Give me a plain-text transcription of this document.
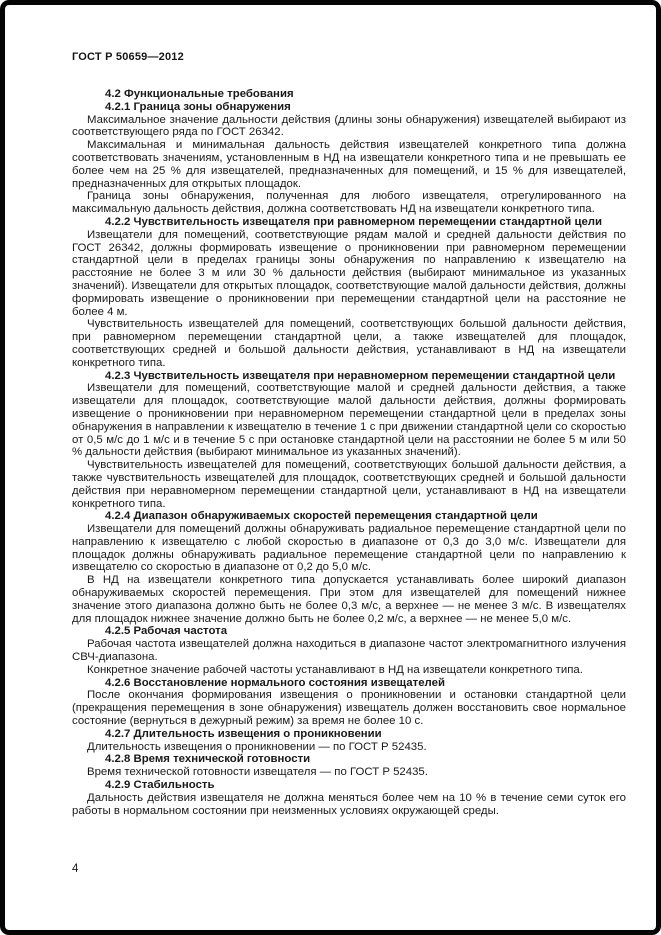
ГОСТ Р 50659—2012

4.2 Функциональные требования

4.2.1 Граница зоны обнаружения

Максимальное значение дальности действия (длины зоны обнаружения) извещателей выбирают из соответствующего ряда по ГОСТ 26342.

Максимальная и минимальная дальность действия извещателей конкретного типа должна соответствовать значениям, установленным в НД на извещатели конкретного типа и не превышать ее более чем на 25 % для извещателей, предназначенных для помещений, и 15 % для извещателей, предназначенных для открытых площадок.

Граница зоны обнаружения, полученная для любого извещателя, отрегулированного на максимальную дальность действия, должна соответствовать НД на извещатели конкретного типа.

4.2.2 Чувствительность извещателя при равномерном перемещении стандартной цели

Извещатели для помещений, соответствующие рядам малой и средней дальности действия по ГОСТ 26342, должны формировать извещение о проникновении при равномерном перемещении стандартной цели в пределах границы зоны обнаружения по направлению к извещателю на расстояние не более 3 м или 30 % дальности действия (выбирают минимальное из указанных значений). Извещатели для открытых площадок, соответствующие малой дальности действия, должны формировать извещение о проникновении при перемещении стандартной цели на расстояние не более 4 м.

Чувствительность извещателей для помещений, соответствующих большой дальности действия, при равномерном перемещении стандартной цели, а также извещателей для площадок, соответствующих средней и большой дальности действия, устанавливают в НД на извещатели конкретного типа.

4.2.3 Чувствительность извещателя при неравномерном перемещении стандартной цели

Извещатели для помещений, соответствующие малой и средней дальности действия, а также извещатели для площадок, соответствующие малой дальности действия, должны формировать извещение о проникновении при неравномерном перемещении стандартной цели в пределах зоны обнаружения в направлении к извещателю в течение 1 с при движении стандартной цели со скоростью от 0,5 м/с до 1 м/с и в течение 5 с при остановке стандартной цели на расстоянии не более 5 м или 50 % дальности действия (выбирают минимальное из указанных значений).

Чувствительность извещателей для помещений, соответствующих большой дальности действия, а также чувствительность извещателей для площадок, соответствующих средней и большой дальности действия при неравномерном перемещении стандартной цели, устанавливают в НД на извещатели конкретного типа.

4.2.4 Диапазон обнаруживаемых скоростей перемещения стандартной цели

Извещатели для помещений должны обнаруживать радиальное перемещение стандартной цели по направлению к извещателю с любой скоростью в диапазоне от 0,3 до 3,0 м/с. Извещатели для площадок должны обнаруживать радиальное перемещение стандартной цели по направлению к извещателю со скоростью в диапазоне от 0,2 до 5,0 м/с.

В НД на извещатели конкретного типа допускается устанавливать более широкий диапазон обнаруживаемых скоростей перемещения. При этом для извещателей для помещений нижнее значение этого диапазона должно быть не более 0,3 м/с, а верхнее — не менее 3 м/с. В извещателях для площадок нижнее значение должно быть не более 0,2 м/с, а верхнее — не менее 5,0 м/с.

4.2.5 Рабочая частота

Рабочая частота извещателей должна находиться в диапазоне частот электромагнитного излучения СВЧ-диапазона.

Конкретное значение рабочей частоты устанавливают в НД на извещатели конкретного типа.

4.2.6 Восстановление нормального состояния извещателей

После окончания формирования извещения о проникновении и остановки стандартной цели (прекращения перемещения в зоне обнаружения) извещатель должен восстановить свое нормальное состояние (вернуться в дежурный режим) за время не более 10 с.

4.2.7 Длительность извещения о проникновении

Длительность извещения о проникновении — по ГОСТ Р 52435.

4.2.8 Время технической готовности

Время технической готовности извещателя — по ГОСТ Р 52435.

4.2.9 Стабильность

Дальность действия извещателя не должна меняться более чем на 10 % в течение семи суток его работы в нормальном состоянии при неизменных условиях окружающей среды.

4
